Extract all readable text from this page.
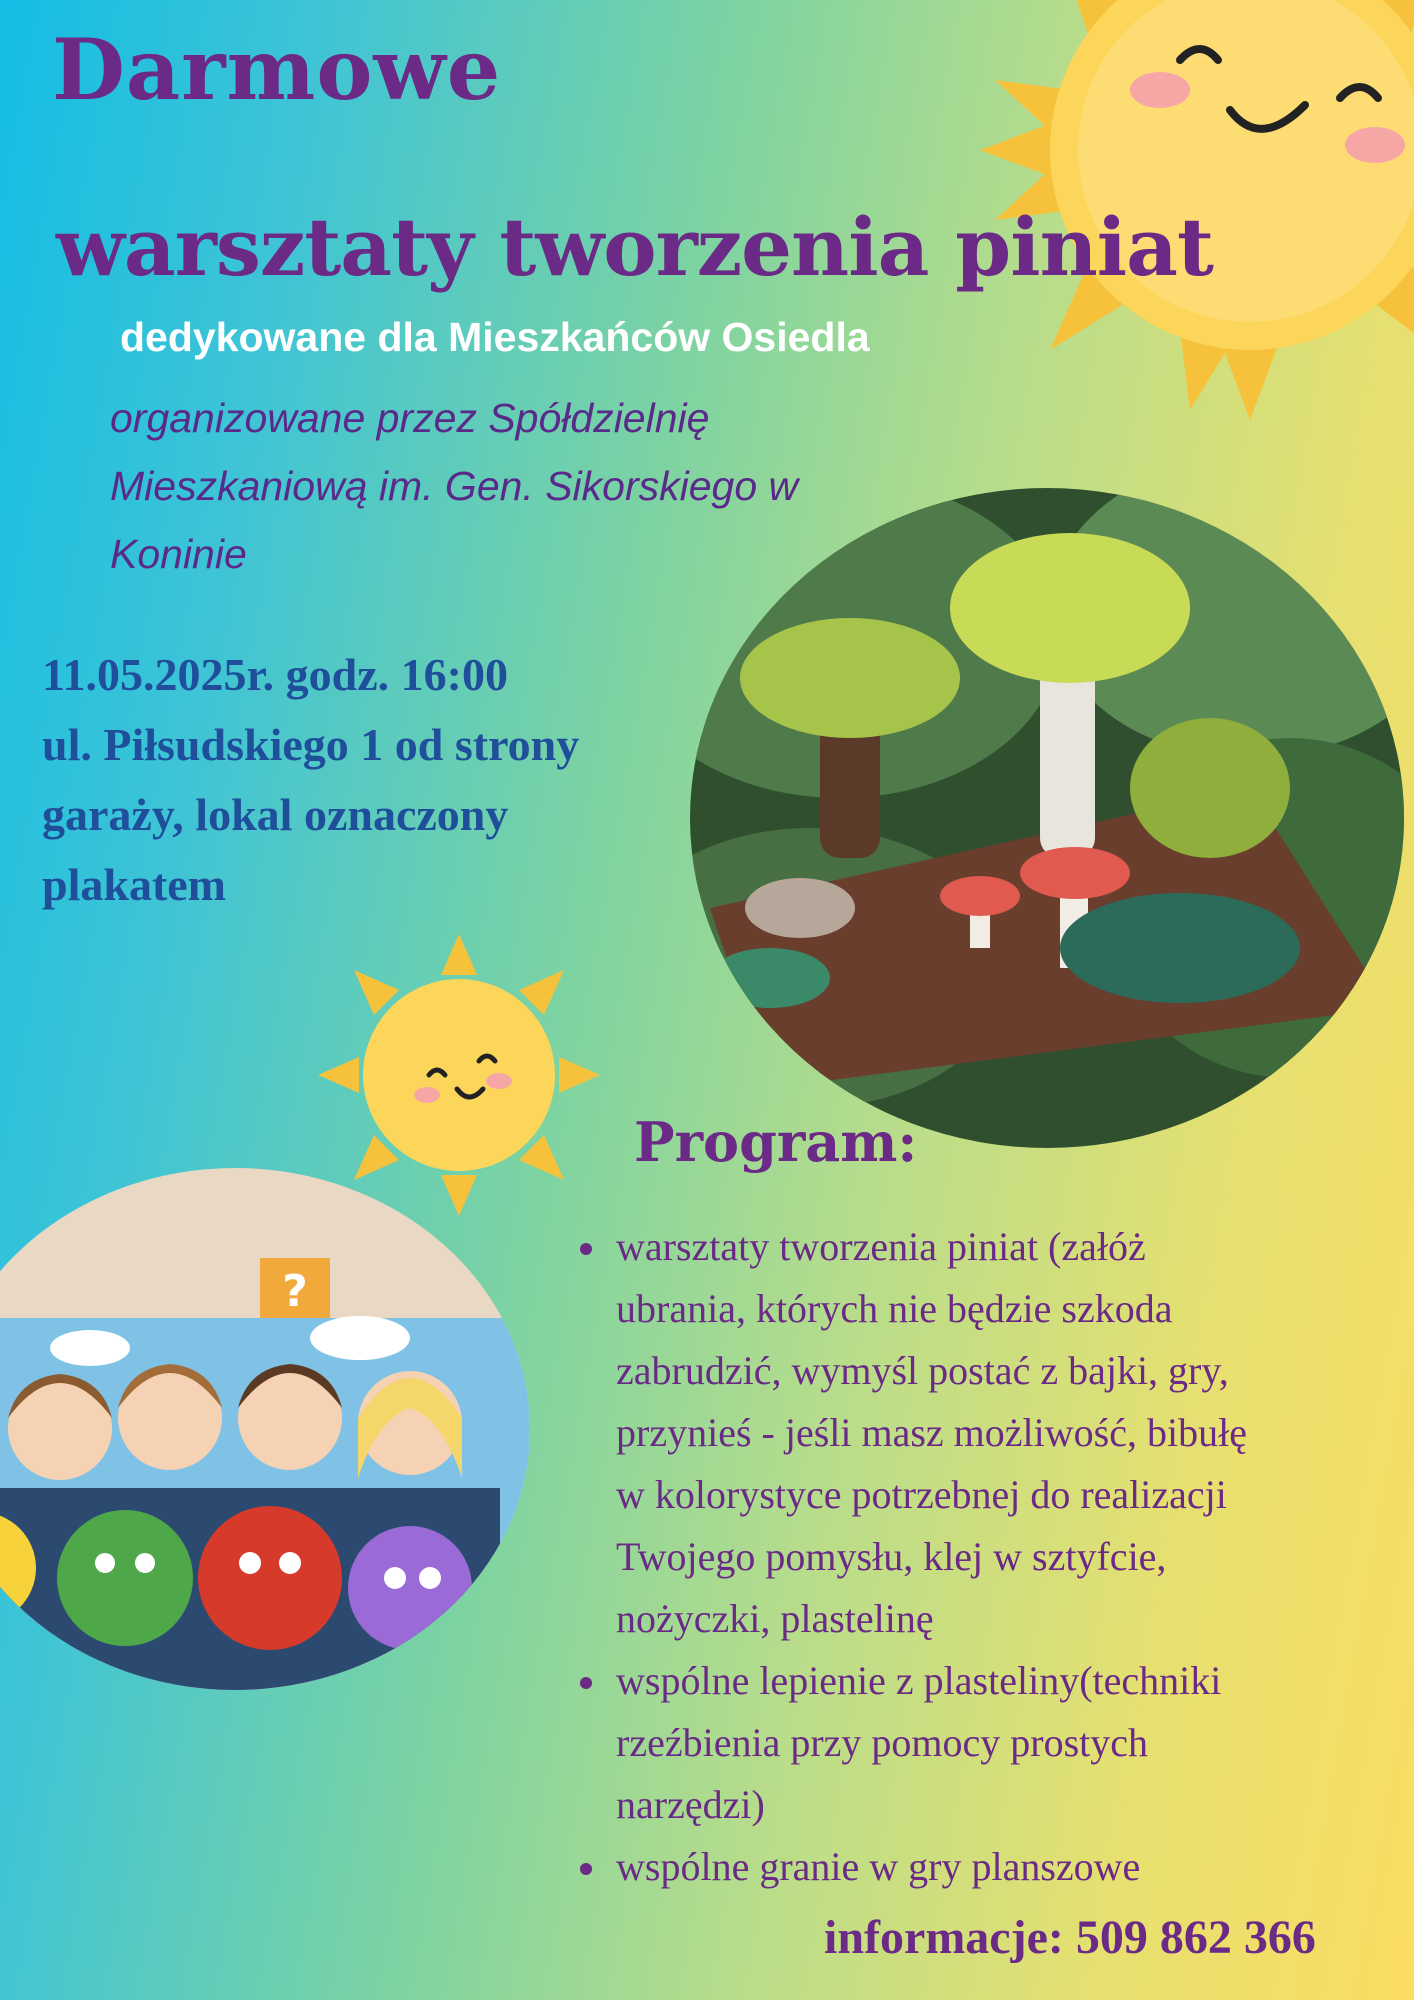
Darmowe
warsztaty tworzenia piniat

dedykowane dla Mieszkańców Osiedla

organizowane przez Spółdzielnię
Mieszkaniową im. Gen. Sikorskiego w
Koninie

11.05.2025r. godz. 16:00
ul. Piłsudskiego 1 od strony
garaży, lokal oznaczony
plakatem

?
Program:
warsztaty tworzenia piniat (załóż
ubrania, których nie będzie szkoda
zabrudzić, wymyśl postać z bajki, gry,
przynieś - jeśli masz możliwość, bibułę
w kolorystyce potrzebnej do realizacji
Twojego pomysłu, klej w sztyfcie,
nożyczki, plastelinę
wspólne lepienie z plasteliny(techniki
rzeźbienia przy pomocy prostych
narzędzi)
wspólne granie w gry planszowe

informacje: 509 862 366
